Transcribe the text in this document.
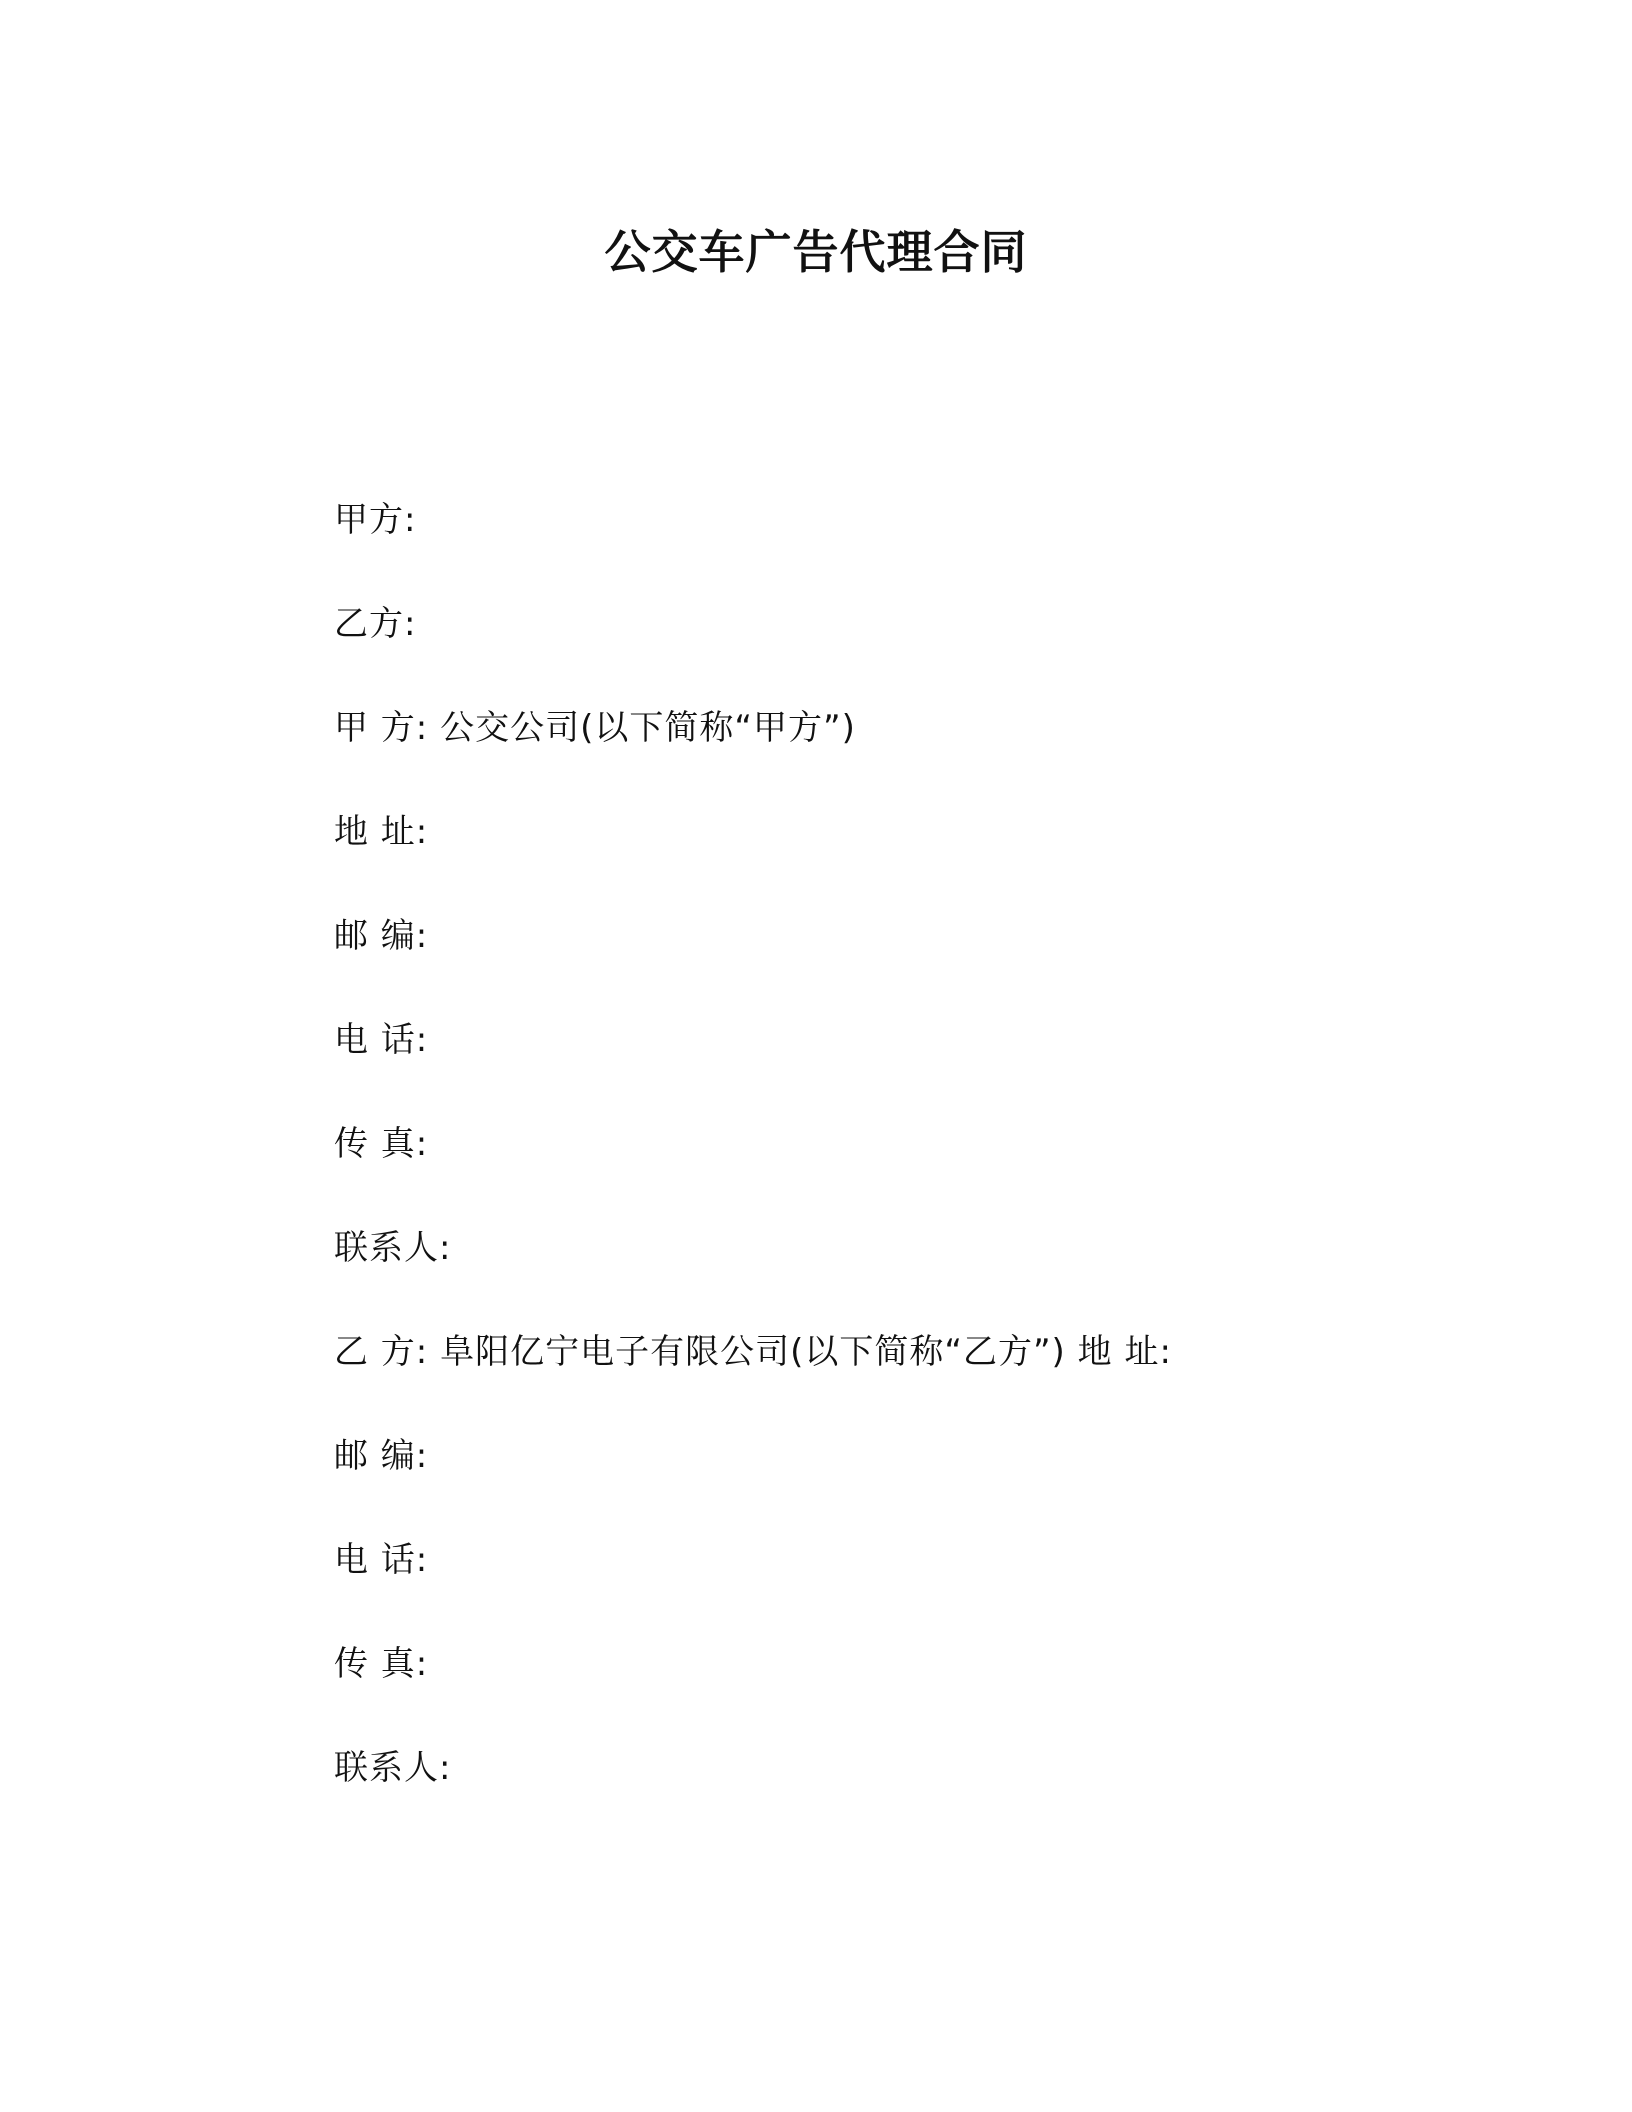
公交车广告代理合同
甲方:
乙方:
甲 方: 公交公司(以下简称“甲方”)
地 址:
邮 编:
电 话:
传 真:
联系人:
乙 方: 阜阳亿宁电子有限公司(以下简称“乙方”) 地 址:
邮 编:
电 话:
传 真:
联系人:
